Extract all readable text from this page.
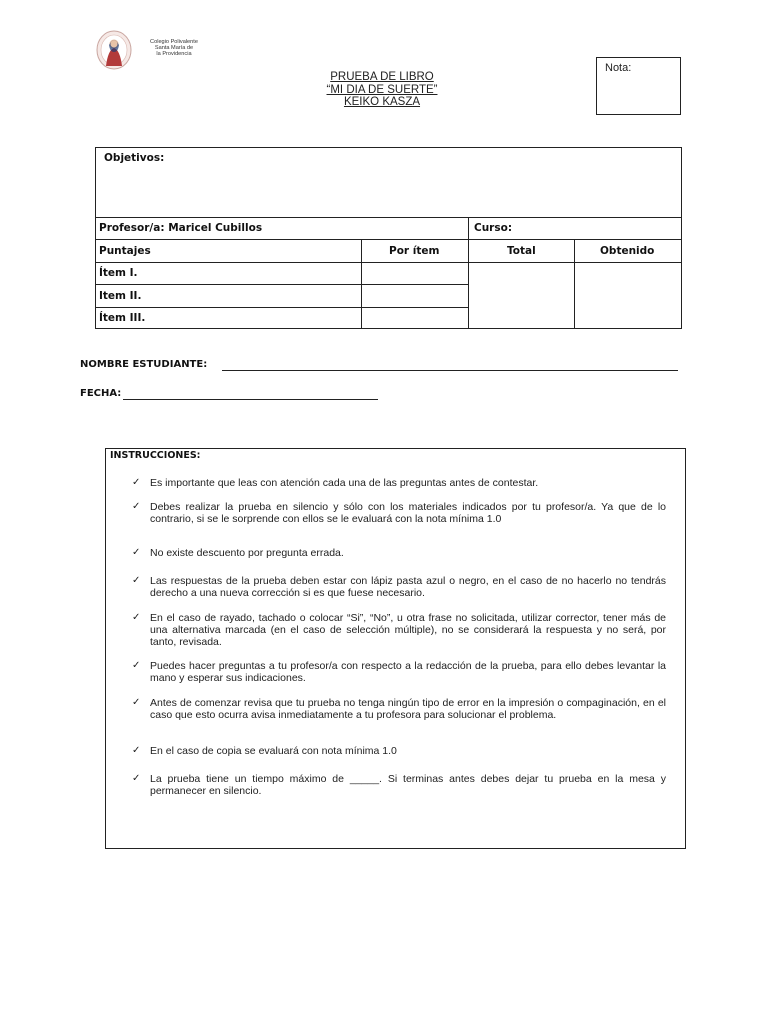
Colegio Polivalente
Santa María de
la Providencia
PRUEBA DE LIBRO
“MI DIA DE SUERTE”
KEIKO KASZA
Nota:
Objetivos:
Profesor/a: Maricel Cubillos	Curso:
Puntajes	Por ítem	Total	Obtenido
Ítem I.
Item II.
Ítem III.
NOMBRE ESTUDIANTE:
FECHA:
INSTRUCCIONES:
✓ Es importante que leas con atención cada una de las preguntas antes de contestar.
✓ Debes realizar la prueba en silencio y sólo con los materiales indicados por tu profesor/a. Ya que de lo contrario, si se le sorprende con ellos se le evaluará con la nota mínima 1.0
✓ No existe descuento por pregunta errada.
✓ Las respuestas de la prueba deben estar con lápiz pasta azul o negro, en el caso de no hacerlo no tendrás derecho a una nueva corrección si es que fuese necesario.
✓ En el caso de rayado, tachado o colocar “Si”, “No”, u otra frase no solicitada, utilizar corrector, tener más de una alternativa marcada (en el caso de selección múltiple), no se considerará la respuesta y no será, por tanto, revisada.
✓ Puedes hacer preguntas a tu profesor/a con respecto a la redacción de la prueba, para ello debes levantar la mano y esperar sus indicaciones.
✓ Antes de comenzar revisa que tu prueba no tenga ningún tipo de error en la impresión o compaginación, en el caso que esto ocurra avisa inmediatamente a tu profesora para solucionar el problema.
✓ En el caso de copia se evaluará con nota mínima 1.0
✓ La prueba tiene un tiempo máximo de _____. Si terminas antes debes dejar tu prueba en la mesa y permanecer en silencio.
